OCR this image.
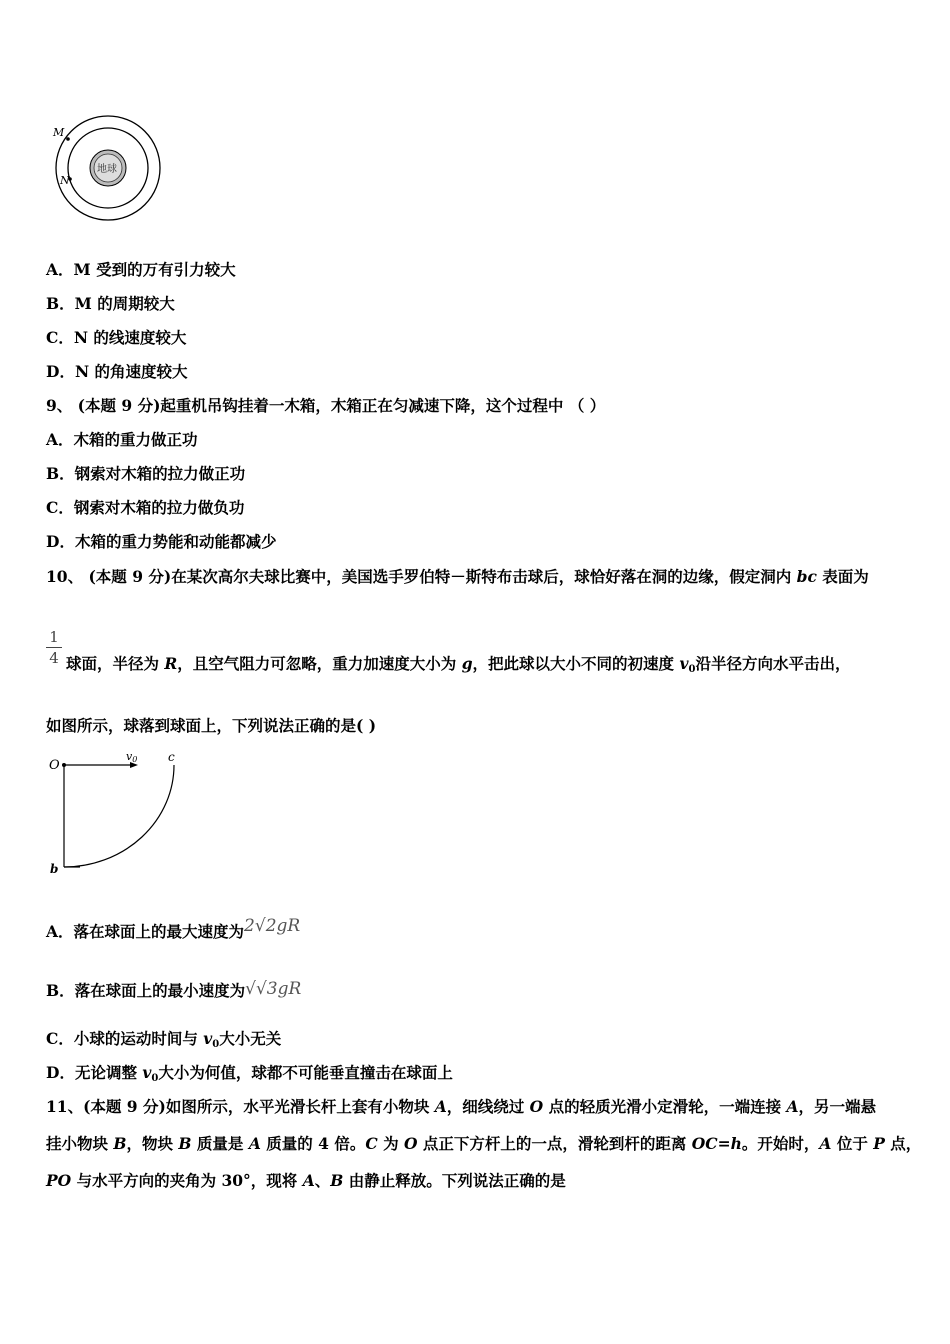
M
N
地球
A．M 受到的万有引力较大
B．M 的周期较大
C．N 的线速度较大
D．N 的角速度较大
9、 (本题 9 分)起重机吊钩挂着一木箱，木箱正在匀减速下降，这个过程中 （ ）
A．木箱的重力做正功
B．钢索对木箱的拉力做正功
C．钢索对木箱的拉力做负功
D．木箱的重力势能和动能都减少
10、 (本题 9 分)在某次高尔夫球比赛中，美国选手罗伯特－斯特布击球后，球恰好落在洞的边缘，假定洞内 bc 表面为
1
4 球面，半径为 R，且空气阻力可忽略，重力加速度大小为 g，把此球以大小不同的初速度 $v_0$沿半径方向水平击出，
如图所示，球落到球面上，下列说法正确的是( )
O
v0	c
b
A．落在球面上的最大速度为2√2gR
B．落在球面上的最小速度为√√3gR
C．小球的运动时间与 $v_0$大小无关
D．无论调整 $v_0$大小为何值，球都不可能垂直撞击在球面上
11、(本题 9 分)如图所示，水平光滑长杆上套有小物块 A，细线绕过 O 点的轻质光滑小定滑轮，一端连接 A，另一端悬
挂小物块 B，物块 B 质量是 A 质量的 4 倍。C 为 O 点正下方杆上的一点，滑轮到杆的距离 OC=h。开始时，A 位于 P 点，
PO 与水平方向的夹角为 30°，现将 A、B 由静止释放。下列说法正确的是
